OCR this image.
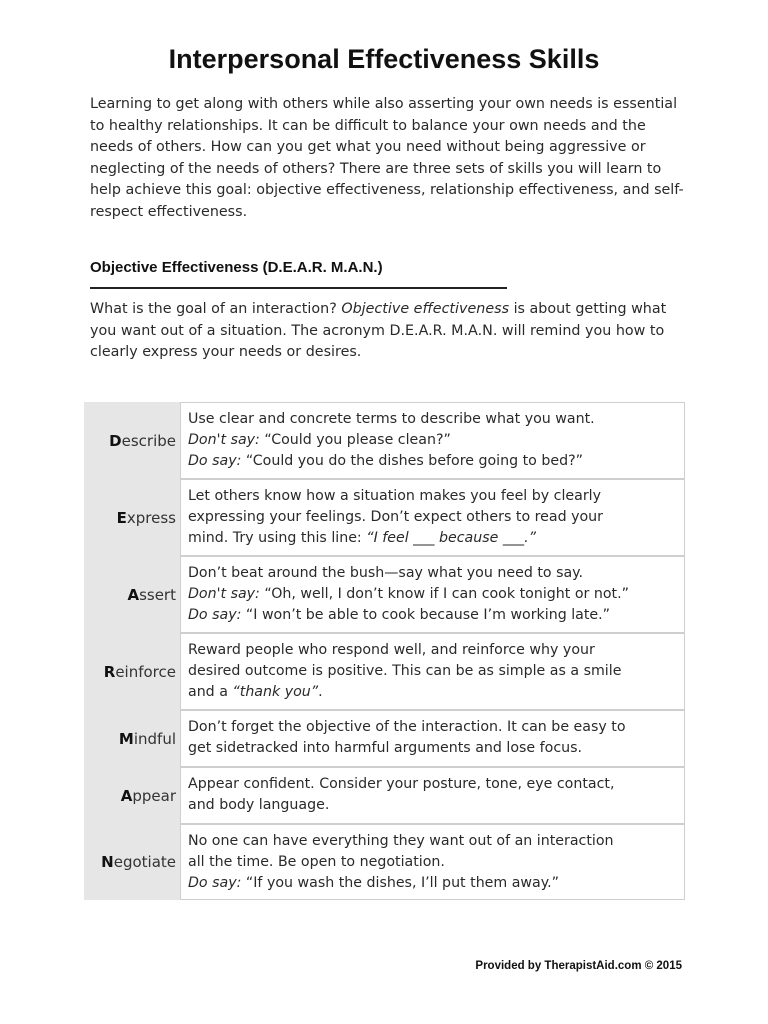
Interpersonal Effectiveness Skills
Learning to get along with others while also asserting your own needs is essential to healthy relationships. It can be difficult to balance your own needs and the needs of others. How can you get what you need without being aggressive or neglecting of the needs of others? There are three sets of skills you will learn to help achieve this goal: objective effectiveness, relationship effectiveness, and self-respect effectiveness.
Objective Effectiveness (D.E.A.R. M.A.N.)
What is the goal of an interaction? Objective effectiveness is about getting what you want out of a situation. The acronym D.E.A.R. M.A.N. will remind you how to clearly express your needs or desires.
D escribe
Use clear and concrete terms to describe what you want.
Don't say: “Could you please clean?”
Do say: “Could you do the dishes before going to bed?”
E xpress
Let others know how a situation makes you feel by clearly
expressing your feelings. Don’t expect others to read your
mind. Try using this line: “I feel ___ because ___.”
A ssert
Don’t beat around the bush—say what you need to say.
Don't say: “Oh, well, I don’t know if I can cook tonight or not.”
Do say: “I won’t be able to cook because I’m working late.”
R einforce
Reward people who respond well, and reinforce why your
desired outcome is positive. This can be as simple as a smile
and a “thank you”.
M indful
Don’t forget the objective of the interaction. It can be easy to
get sidetracked into harmful arguments and lose focus.
A ppear
Appear confident. Consider your posture, tone, eye contact,
and body language.
N egotiate
No one can have everything they want out of an interaction
all the time. Be open to negotiation.
Do say: “If you wash the dishes, I’ll put them away.”
Provided by TherapistAid.com © 2015
